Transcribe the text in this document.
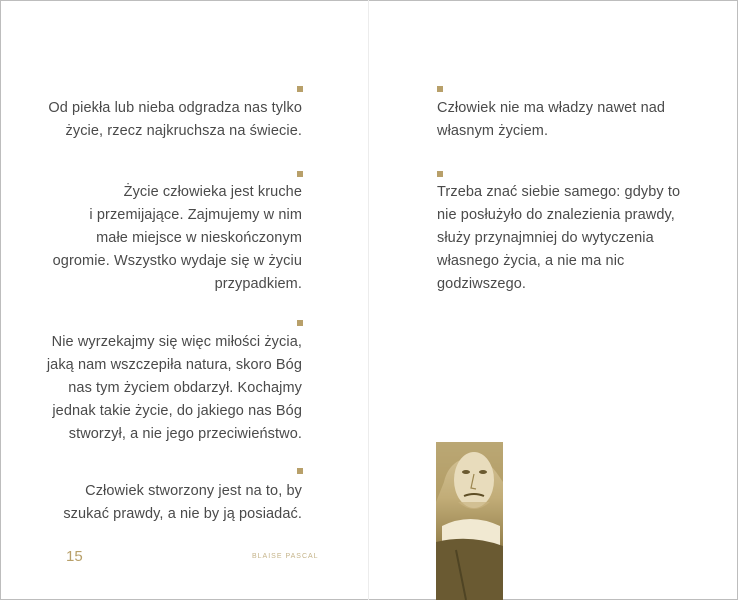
Od piekła lub nieba odgradza nas tylko
życie, rzecz najkruchsza na świecie.
Życie człowieka jest kruche
i przemijające. Zajmujemy w nim
małe miejsce w nieskończonym
ogromie. Wszystko wydaje się w życiu
przypadkiem.
Nie wyrzekajmy się więc miłości życia,
jaką nam wszczepiła natura, skoro Bóg
nas tym życiem obdarzył. Kochajmy
jednak takie życie, do jakiego nas Bóg
stworzył, a nie jego przeciwieństwo.
Człowiek stworzony jest na to, by
szukać prawdy, a nie by ją posiadać.
15	BLAISE PASCAL
Człowiek nie ma władzy nawet nad
własnym życiem.
Trzeba znać siebie samego: gdyby to
nie posłużyło do znalezienia prawdy,
służy przynajmniej do wytyczenia
własnego życia, a nie ma nic
godziwszego.
